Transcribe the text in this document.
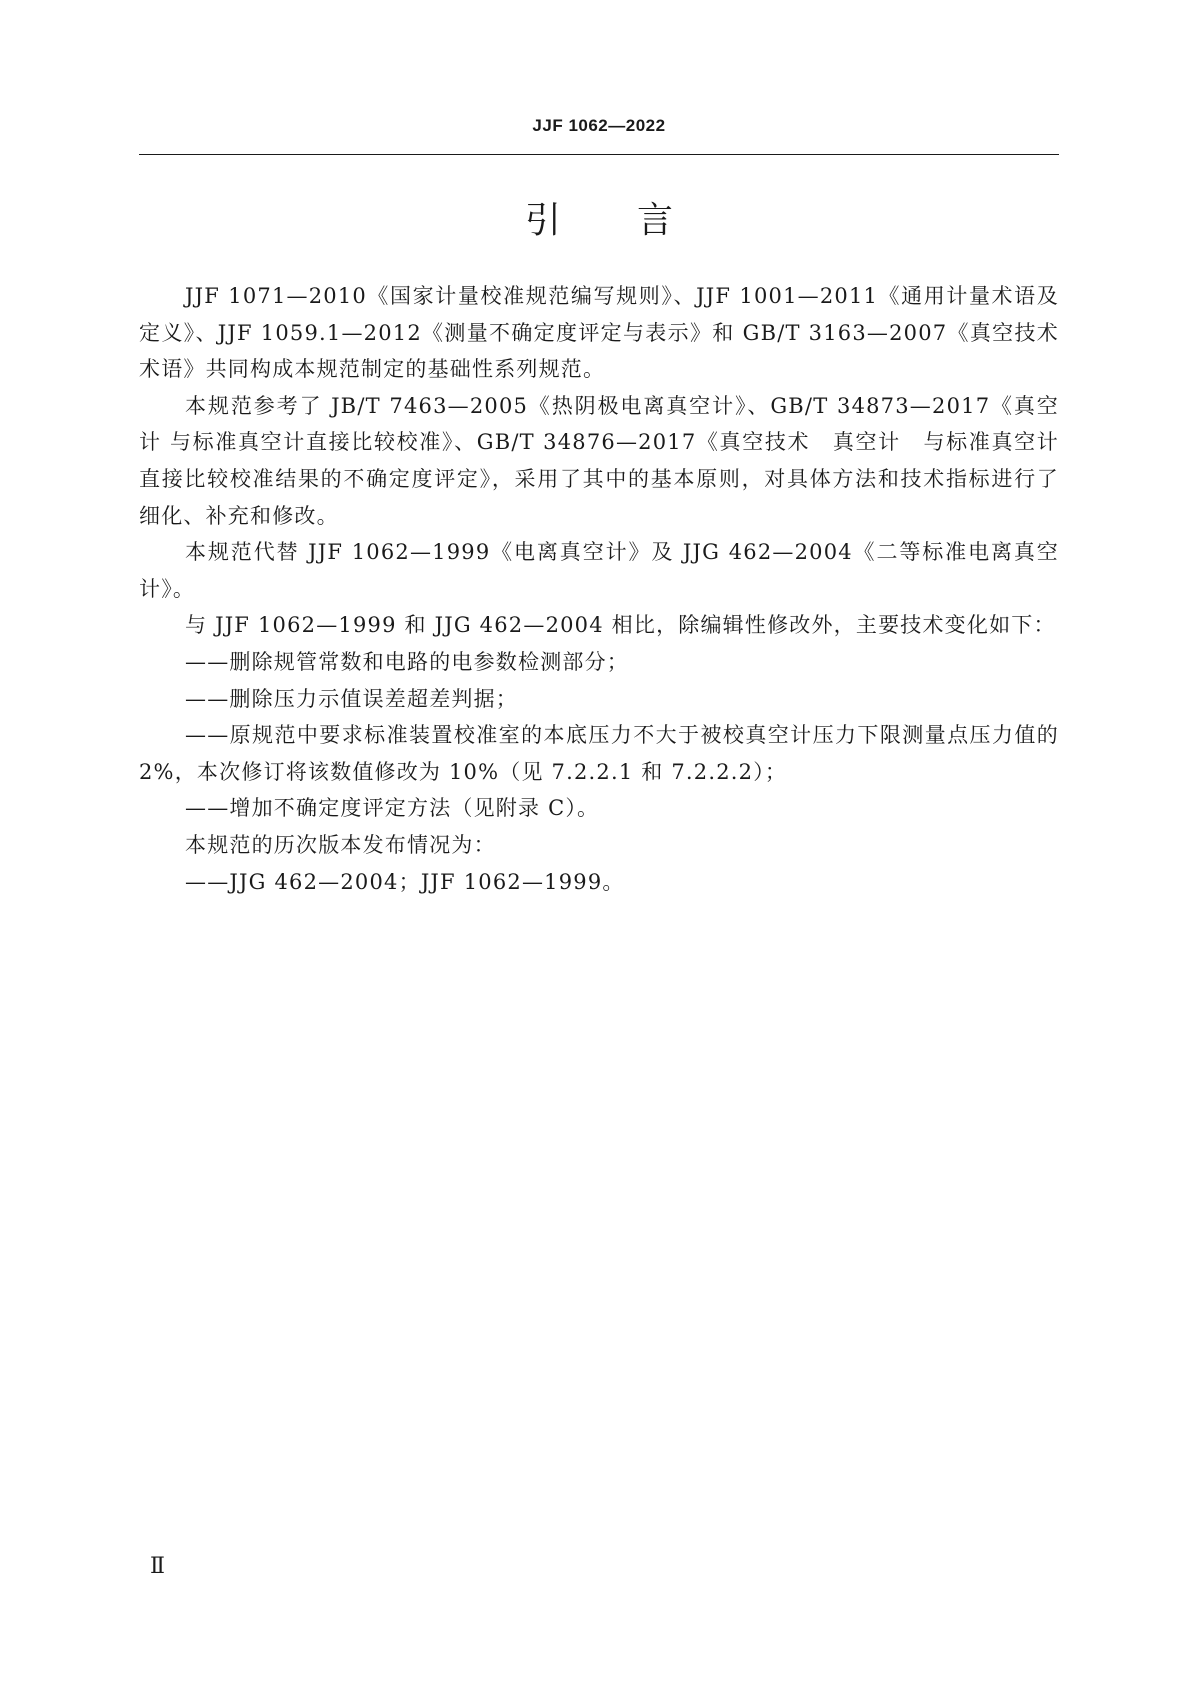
JJF 1062—2022
引言

JJF 1071—2010《国家计量校准规范编写规则》、JJF 1001—2011《通用计量术语及定义》、JJF 1059.1—2012《测量不确定度评定与表示》和 GB/T 3163—2007《真空技术　术语》共同构成本规范制定的基础性系列规范。

本规范参考了 JB/T 7463—2005《热阴极电离真空计》、GB/T 34873—2017《真空计 与标准真空计直接比较校准》、GB/T 34876—2017《真空技术　真空计　与标准真空计直接比较校准结果的不确定度评定》，采用了其中的基本原则，对具体方法和技术指标进行了细化、补充和修改。

本规范代替 JJF 1062—1999《电离真空计》及 JJG 462—2004《二等标准电离真空计》。

与 JJF 1062—1999 和 JJG 462—2004 相比，除编辑性修改外，主要技术变化如下：

——删除规管常数和电路的电参数检测部分；

——删除压力示值误差超差判据；

——原规范中要求标准装置校准室的本底压力不大于被校真空计压力下限测量点压力值的 2%，本次修订将该数值修改为 10%（见 7.2.2.1 和 7.2.2.2）；

——增加不确定度评定方法（见附录 C）。

本规范的历次版本发布情况为：

——JJG 462—2004；JJF 1062—1999。

Ⅱ
